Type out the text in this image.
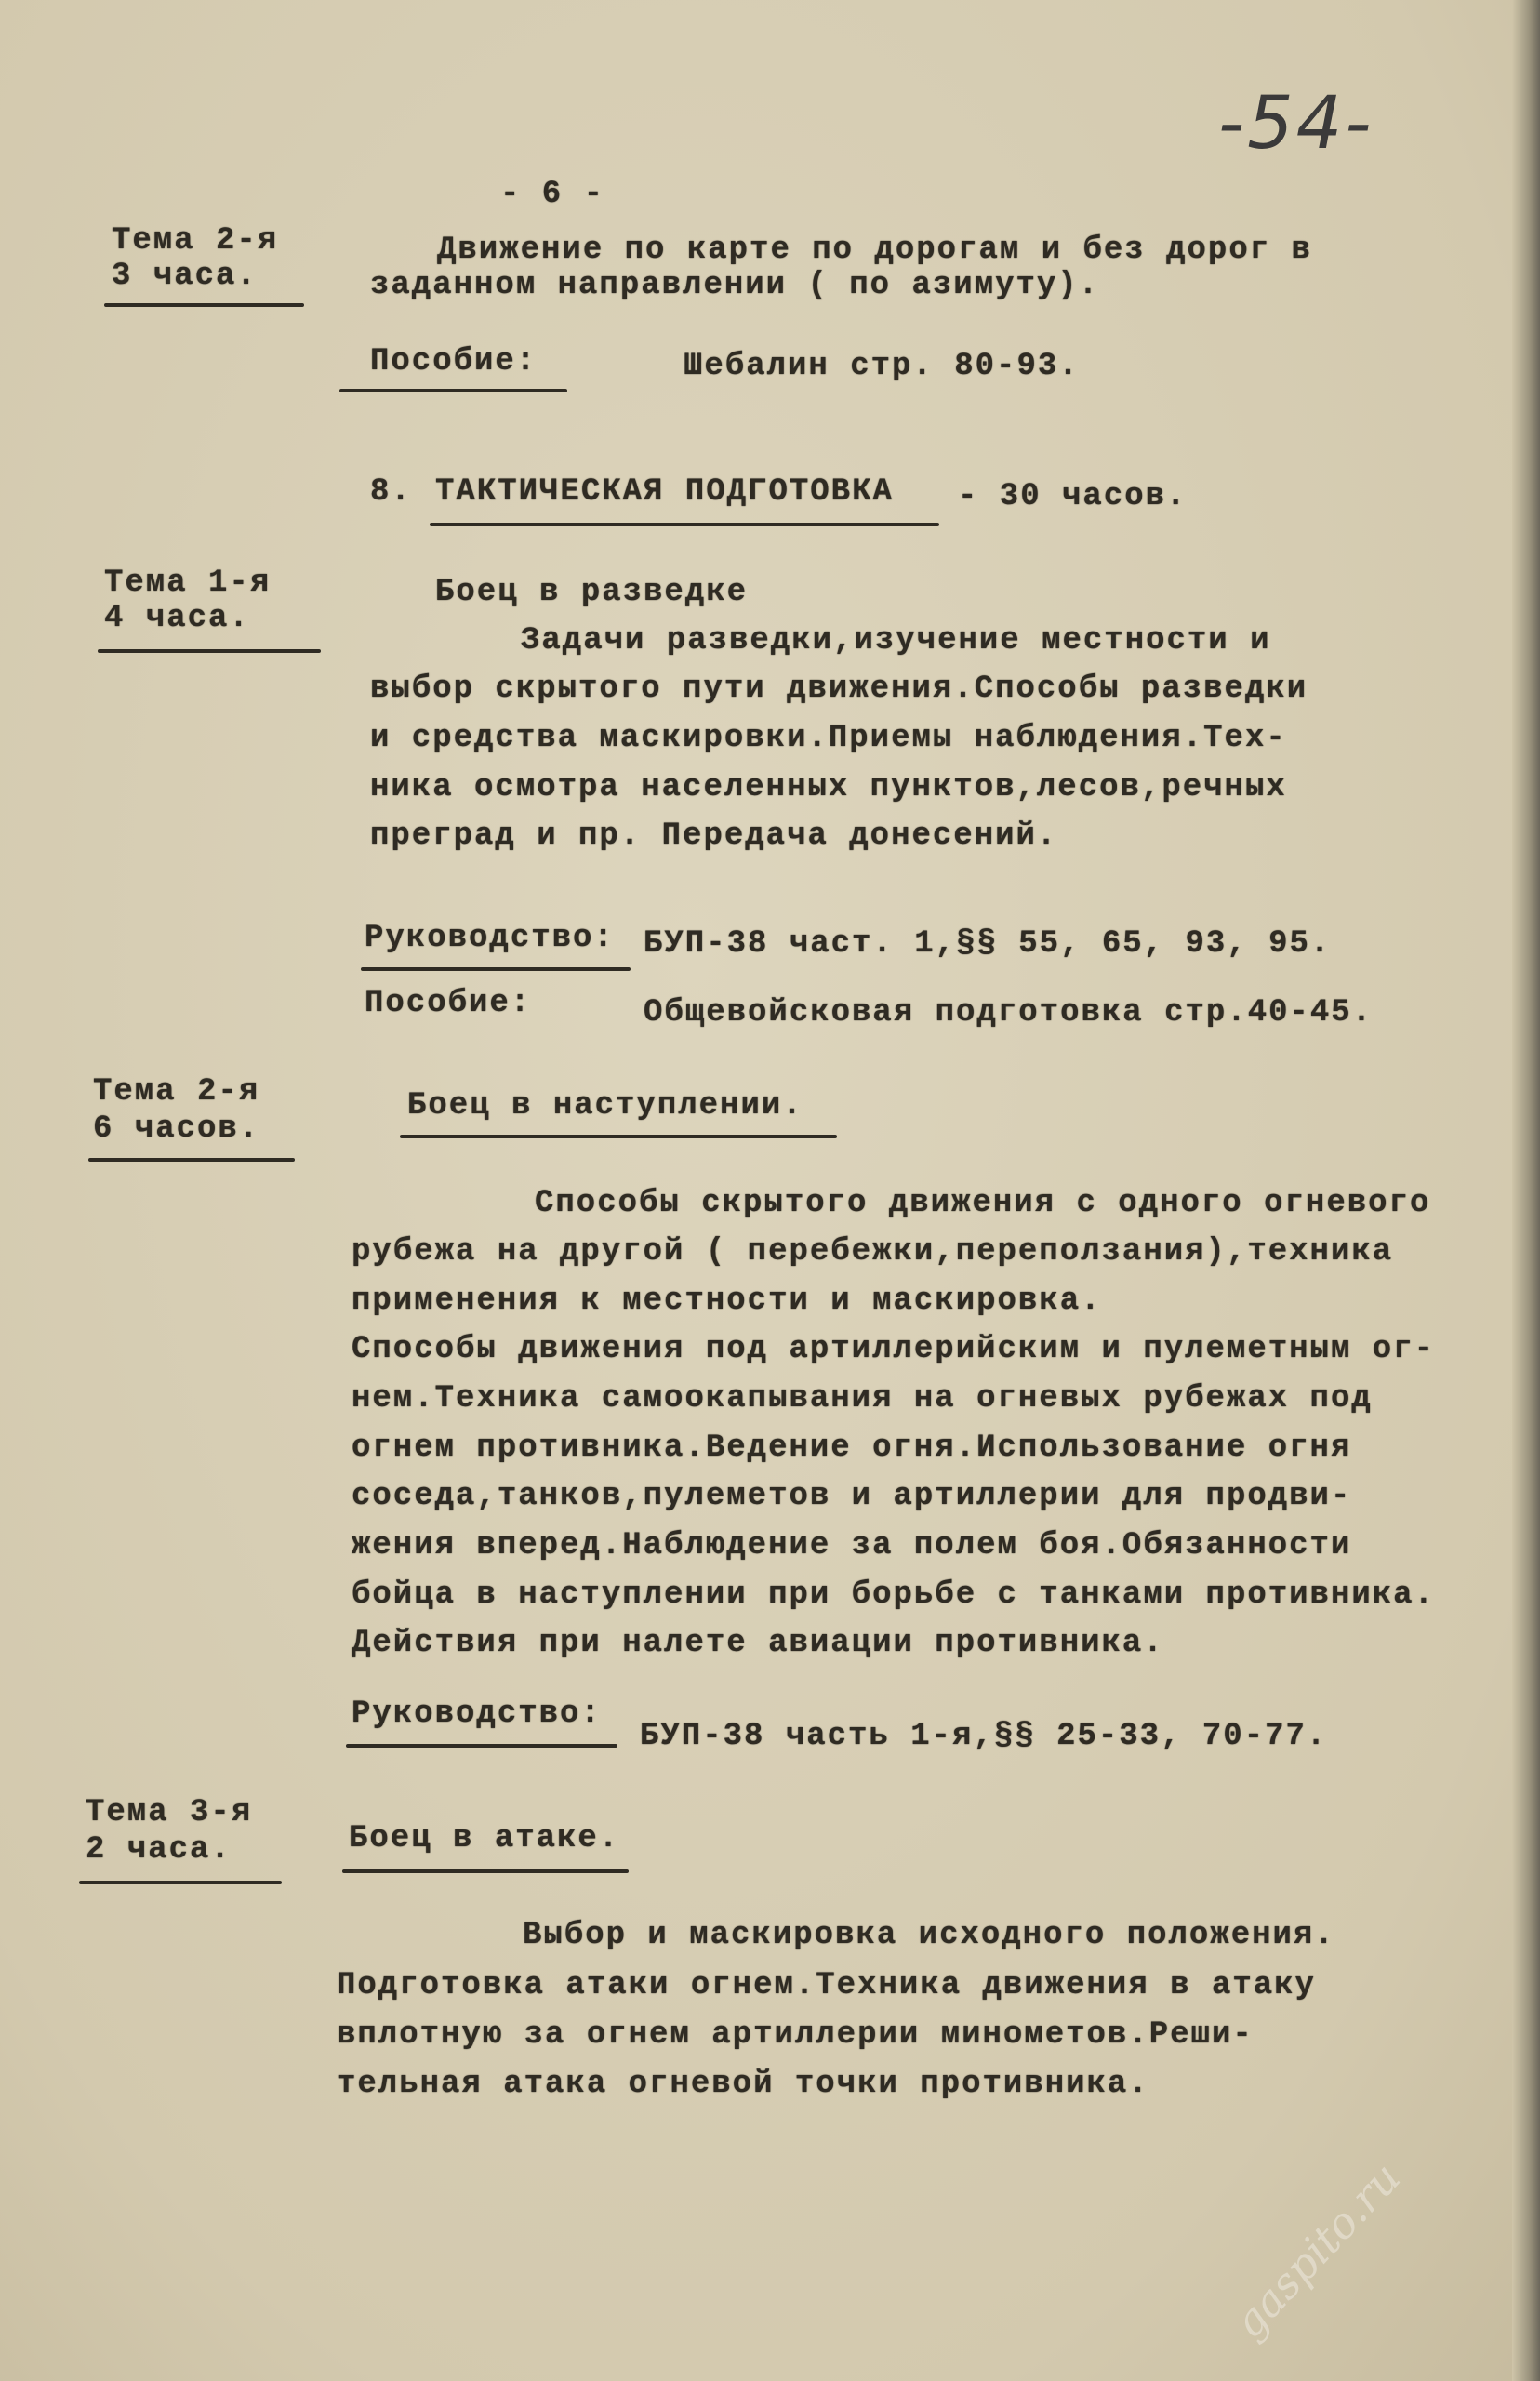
-54-
- 6 -
Тема 2-я
3 часа.
Движение по карте по дорогам и без дорог в
заданном направлении ( по азимуту).
Пособие:	Шебалин стр. 80-93.
8. ТАКТИЧЕСКАЯ ПОДГОТОВКА - 30 часов.
Тема 1-я
4 часа.
Боец в разведке
Задачи разведки,изучение местности и
выбор скрытого пути движения.Способы разведки
и средства маскировки.Приемы наблюдения.Тех-
ника осмотра населенных пунктов,лесов,речных
преград и пр. Передача донесений.
Руководство: БУП-38 част. 1,§§ 55, 65, 93, 95.
Пособие:	Общевойсковая подготовка стр.40-45.
Тема 2-я
6 часов.
Боец в наступлении.
Способы скрытого движения с одного огневого
рубежа на другой ( перебежки,переползания),техника
применения к местности и маскировка.
Способы движения под артиллерийским и пулеметным ог-
нем.Техника самоокапывания на огневых рубежах под
огнем противника.Ведение огня.Использование огня
соседа,танков,пулеметов и артиллерии для продви-
жения вперед.Наблюдение за полем боя.Обязанности
бойца в наступлении при борьбе с танками противника.
Действия при налете авиации противника.
Руководство:
БУП-38 часть 1-я,§§ 25-33, 70-77.
Тема 3-я
2 часа.	Боец в атаке.
Выбор и маскировка исходного положения.
Подготовка атаки огнем.Техника движения в атаку
вплотную за огнем артиллерии минометов.Реши-
тельная атака огневой точки противника.
gaspito.ru
